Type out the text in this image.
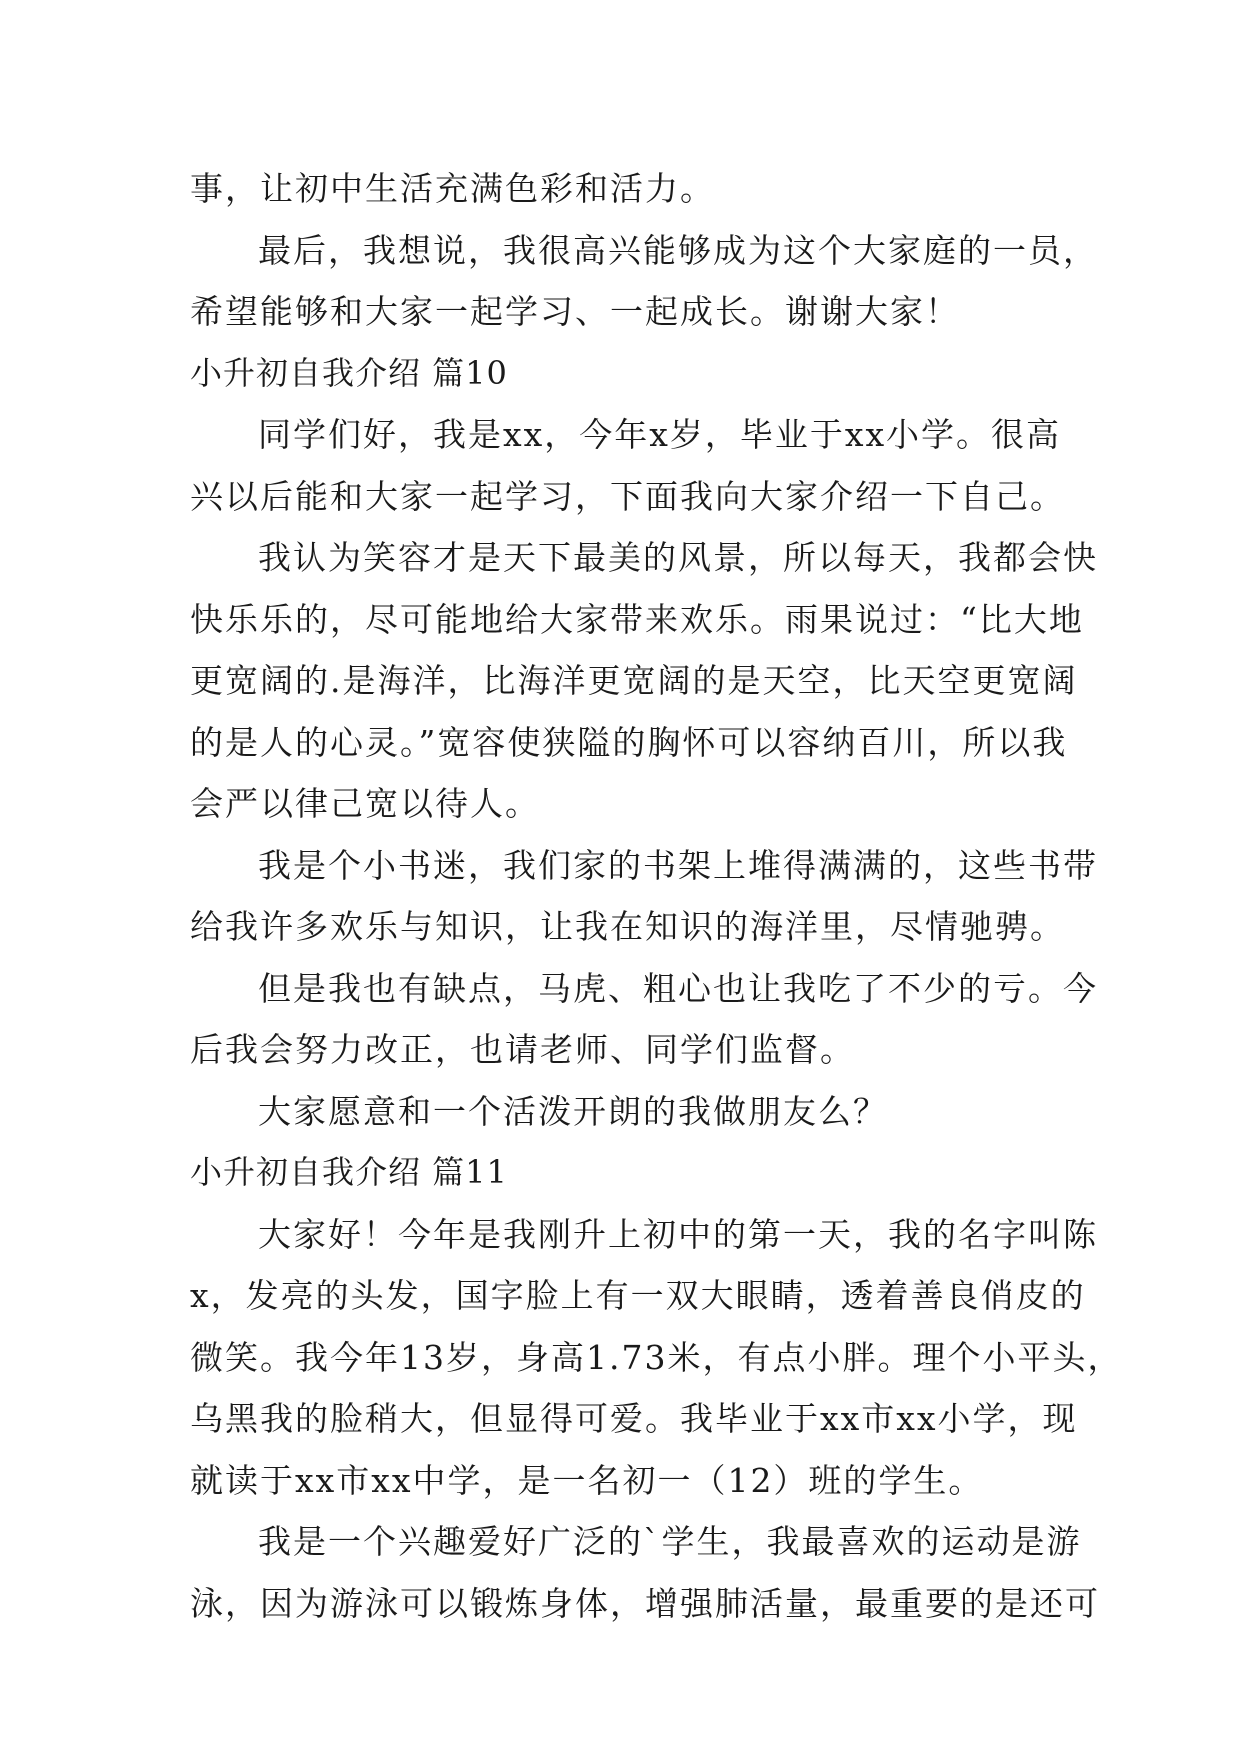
事，让初中生活充满色彩和活力。
最后，我想说，我很高兴能够成为这个大家庭的一员，
希望能够和大家一起学习、一起成长。谢谢大家！
小升初自我介绍 篇10
同学们好，我是xx，今年x岁，毕业于xx小学。很高
兴以后能和大家一起学习，下面我向大家介绍一下自己。
我认为笑容才是天下最美的风景，所以每天，我都会快
快乐乐的，尽可能地给大家带来欢乐。雨果说过：“比大地
更宽阔的.是海洋，比海洋更宽阔的是天空，比天空更宽阔
的是人的心灵。”宽容使狭隘的胸怀可以容纳百川，所以我
会严以律己宽以待人。
我是个小书迷，我们家的书架上堆得满满的，这些书带
给我许多欢乐与知识，让我在知识的海洋里，尽情驰骋。
但是我也有缺点，马虎、粗心也让我吃了不少的亏。今
后我会努力改正，也请老师、同学们监督。
大家愿意和一个活泼开朗的我做朋友么？
小升初自我介绍 篇11
大家好！今年是我刚升上初中的第一天，我的名字叫陈
x，发亮的头发，国字脸上有一双大眼睛，透着善良俏皮的
微笑。我今年13岁，身高1.73米，有点小胖。理个小平头，
乌黑我的脸稍大，但显得可爱。我毕业于xx市xx小学，现
就读于xx市xx中学，是一名初一（12）班的学生。
我是一个兴趣爱好广泛的`学生，我最喜欢的运动是游
泳，因为游泳可以锻炼身体，增强肺活量，最重要的是还可
